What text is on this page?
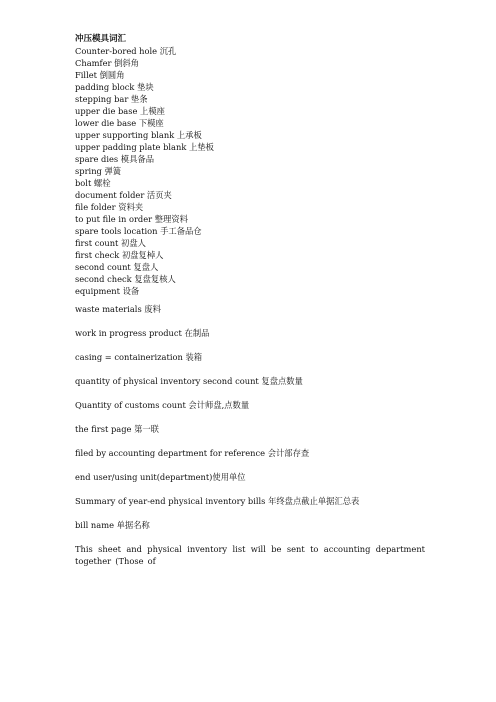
冲压模具词汇
Counter-bored hole 沉孔
Chamfer 倒斜角
Fillet 倒圆角
padding block 垫块
stepping bar 垫条
upper die base 上模座
lower die base 下模座
upper supporting blank 上承板
upper padding plate blank 上垫板
spare dies 模具备品
spring 弹簧
bolt 螺栓
document folder 活页夹
file folder 资料夹
to put file in order 整理资料
spare tools location 手工备品仓
first count 初盘人
first check 初盘复棹人
second count 复盘人
second check 复盘复核人
equipment 设备
waste materials 废料
work in progress product 在制品
casing = containerization 装箱
quantity of physical inventory second count 复盘点数量
Quantity of customs count 会计师盘,点数量
the first page 第一联
filed by accounting department for reference 会计部存查
end user/using unit(department)使用单位
Summary of year-end physical inventory bills 年终盘点截止单据汇总表
bill name 单据名称
This sheet and physical inventory list will be sent to accounting department together (Those of
